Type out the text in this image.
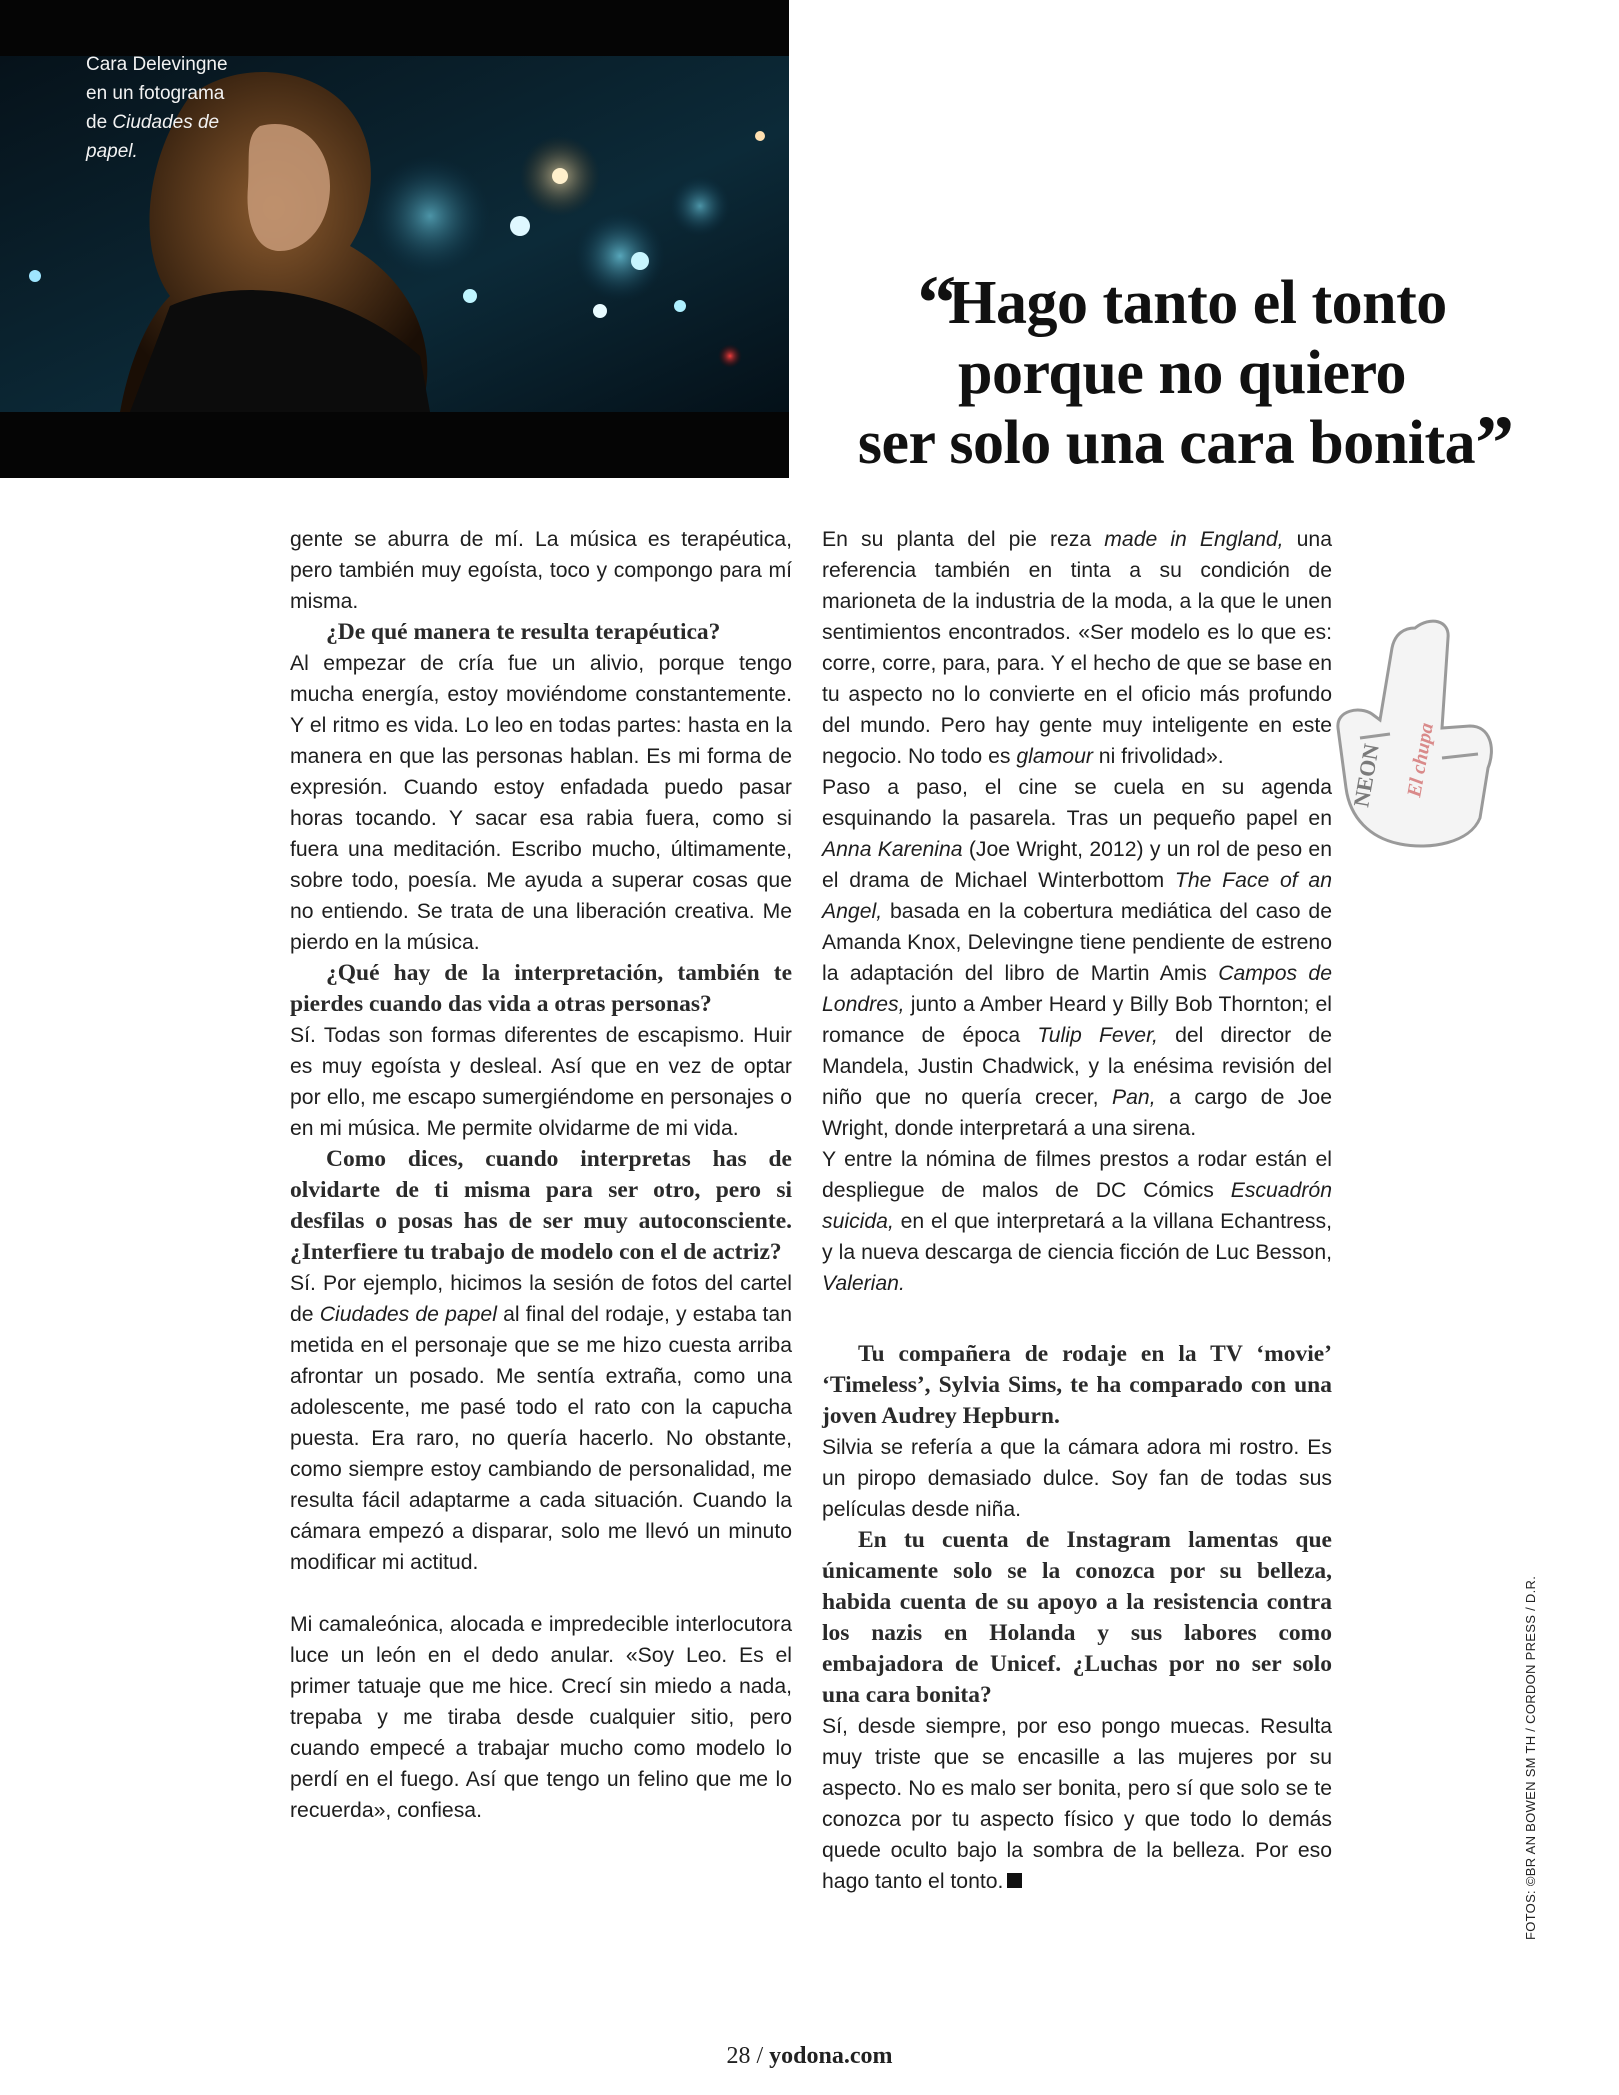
Cara Delevingne
en un fotograma
de Ciudades de
papel.
“Hago tanto el tonto
porque no quiero
ser solo una cara bonita”

gente se aburra de mí. La música es terapéutica, pero también muy egoísta, toco y compongo para mí misma.

¿De qué manera te resulta terapéutica?

Al empezar de cría fue un alivio, porque tengo mucha energía, estoy moviéndome constantemente. Y el ritmo es vida. Lo leo en todas partes: hasta en la manera en que las personas hablan. Es mi forma de expresión. Cuando estoy enfadada puedo pasar horas tocando. Y sacar esa rabia fuera, como si fuera una meditación. Escribo mucho, últimamente, sobre todo, poesía. Me ayuda a superar cosas que no entiendo. Se trata de una liberación creativa. Me pierdo en la música.

¿Qué hay de la interpretación, también te pierdes cuando das vida a otras personas?

Sí. Todas son formas diferentes de escapismo. Huir es muy egoísta y desleal. Así que en vez de optar por ello, me escapo sumergiéndome en personajes o en mi música. Me permite olvidarme de mi vida.

Como dices, cuando interpretas has de olvidarte de ti misma para ser otro, pero si desfilas o posas has de ser muy autoconsciente. ¿Interfiere tu trabajo de modelo con el de actriz?

Sí. Por ejemplo, hicimos la sesión de fotos del cartel de Ciudades de papel al final del rodaje, y estaba tan metida en el personaje que se me hizo cuesta arriba afrontar un posado. Me sentía extraña, como una adolescente, me pasé todo el rato con la capucha puesta. Era raro, no quería hacerlo. No obstante, como siempre estoy cambiando de personalidad, me resulta fácil adaptarme a cada situación. Cuando la cámara empezó a disparar, solo me llevó un minuto modificar mi actitud.

Mi camaleónica, alocada e impredecible interlocutora luce un león en el dedo anular. «Soy Leo. Es el primer tatuaje que me hice. Crecí sin miedo a nada, trepaba y me tiraba desde cualquier sitio, pero cuando empecé a trabajar mucho como modelo lo perdí en el fuego. Así que tengo un felino que me lo recuerda», confiesa.

En su planta del pie reza made in England, una referencia también en tinta a su condición de marioneta de la industria de la moda, a la que le unen sentimientos encontrados. «Ser modelo es lo que es: corre, corre, para, para. Y el hecho de que se base en tu aspecto no lo convierte en el oficio más profundo del mundo. Pero hay gente muy inteligente en este negocio. No todo es glamour ni frivolidad».

Paso a paso, el cine se cuela en su agenda esquinando la pasarela. Tras un pequeño papel en Anna Karenina (Joe Wright, 2012) y un rol de peso en el drama de Michael Winterbottom The Face of an Angel, basada en la cobertura mediática del caso de Amanda Knox, Delevingne tiene pendiente de estreno la adaptación del libro de Martin Amis Campos de Londres, junto a Amber Heard y Billy Bob Thornton; el romance de época Tulip Fever, del director de Mandela, Justin Chadwick, y la enésima revisión del niño que no quería crecer, Pan, a cargo de Joe Wright, donde interpretará a una sirena.

Y entre la nómina de filmes prestos a rodar están el despliegue de malos de DC Cómics Escuadrón suicida, en el que interpretará a la villana Echantress, y la nueva descarga de ciencia ficción de Luc Besson, Valerian.

Tu compañera de rodaje en la TV ‘movie’ ‘Timeless’, Sylvia Sims, te ha comparado con una joven Audrey Hepburn.

Silvia se refería a que la cámara adora mi rostro. Es un piropo demasiado dulce. Soy fan de todas sus películas desde niña.

En tu cuenta de Instagram lamentas que únicamente solo se la conozca por su belleza, habida cuenta de su apoyo a la resistencia contra los nazis en Holanda y sus labores como embajadora de Unicef. ¿Luchas por no ser solo una cara bonita?

Sí, desde siempre, por eso pongo muecas. Resulta muy triste que se encasille a las mujeres por su aspecto. No es malo ser bonita, pero sí que solo se te conozca por tu aspecto físico y que todo lo demás quede oculto bajo la sombra de la belleza. Por eso hago tanto el tonto.

NEON El chupa
FOTOS: ©BR AN BOWEN SM TH / CORDON PRESS / D.R.
28 / yodona.com
